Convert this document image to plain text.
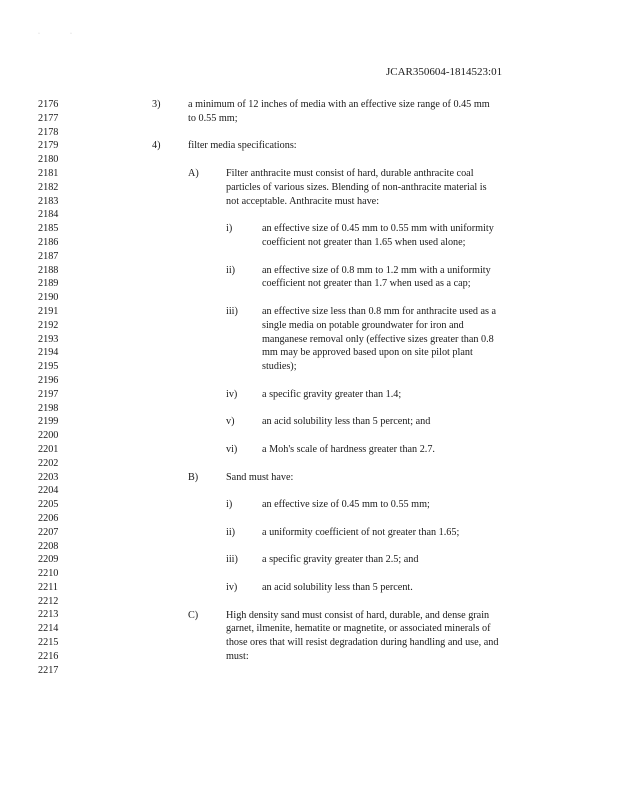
··
JCAR350604-1814523:01
2176
2177
2178
2179
2180
2181
2182
2183
2184
2185
2186
2187
2188
2189
2190
2191
2192
2193
2194
2195
2196
2197
2198
2199
2200
2201
2202
2203
2204
2205
2206
2207
2208
2209
2210
2211
2212
2213
2214
2215
2216
2217
3)	a minimum of 12 inches of media with an effective size range of 0.45 mm
to 0.55 mm;
4)	filter media specifications:
A)	Filter anthracite must consist of hard, durable anthracite coal
particles of various sizes. Blending of non-anthracite material is
not acceptable. Anthracite must have:
i)	an effective size of 0.45 mm to 0.55 mm with uniformity
coefficient not greater than 1.65 when used alone;
ii)	an effective size of 0.8 mm to 1.2 mm with a uniformity
coefficient not greater than 1.7 when used as a cap;
iii) an effective size less than 0.8 mm for anthracite used as a
single media on potable groundwater for iron and
manganese removal only (effective sizes greater than 0.8
mm may be approved based upon on site pilot plant
studies);
iv) a specific gravity greater than 1.4;
v)	an acid solubility less than 5 percent; and
vi) a Moh's scale of hardness greater than 2.7.
B)	Sand must have:
i)	an effective size of 0.45 mm to 0.55 mm;
ii)	a uniformity coefficient of not greater than 1.65;
iii) a specific gravity greater than 2.5; and
iv) an acid solubility less than 5 percent.
C)	High density sand must consist of hard, durable, and dense grain
garnet, ilmenite, hematite or magnetite, or associated minerals of
those ores that will resist degradation during handling and use, and
must:
